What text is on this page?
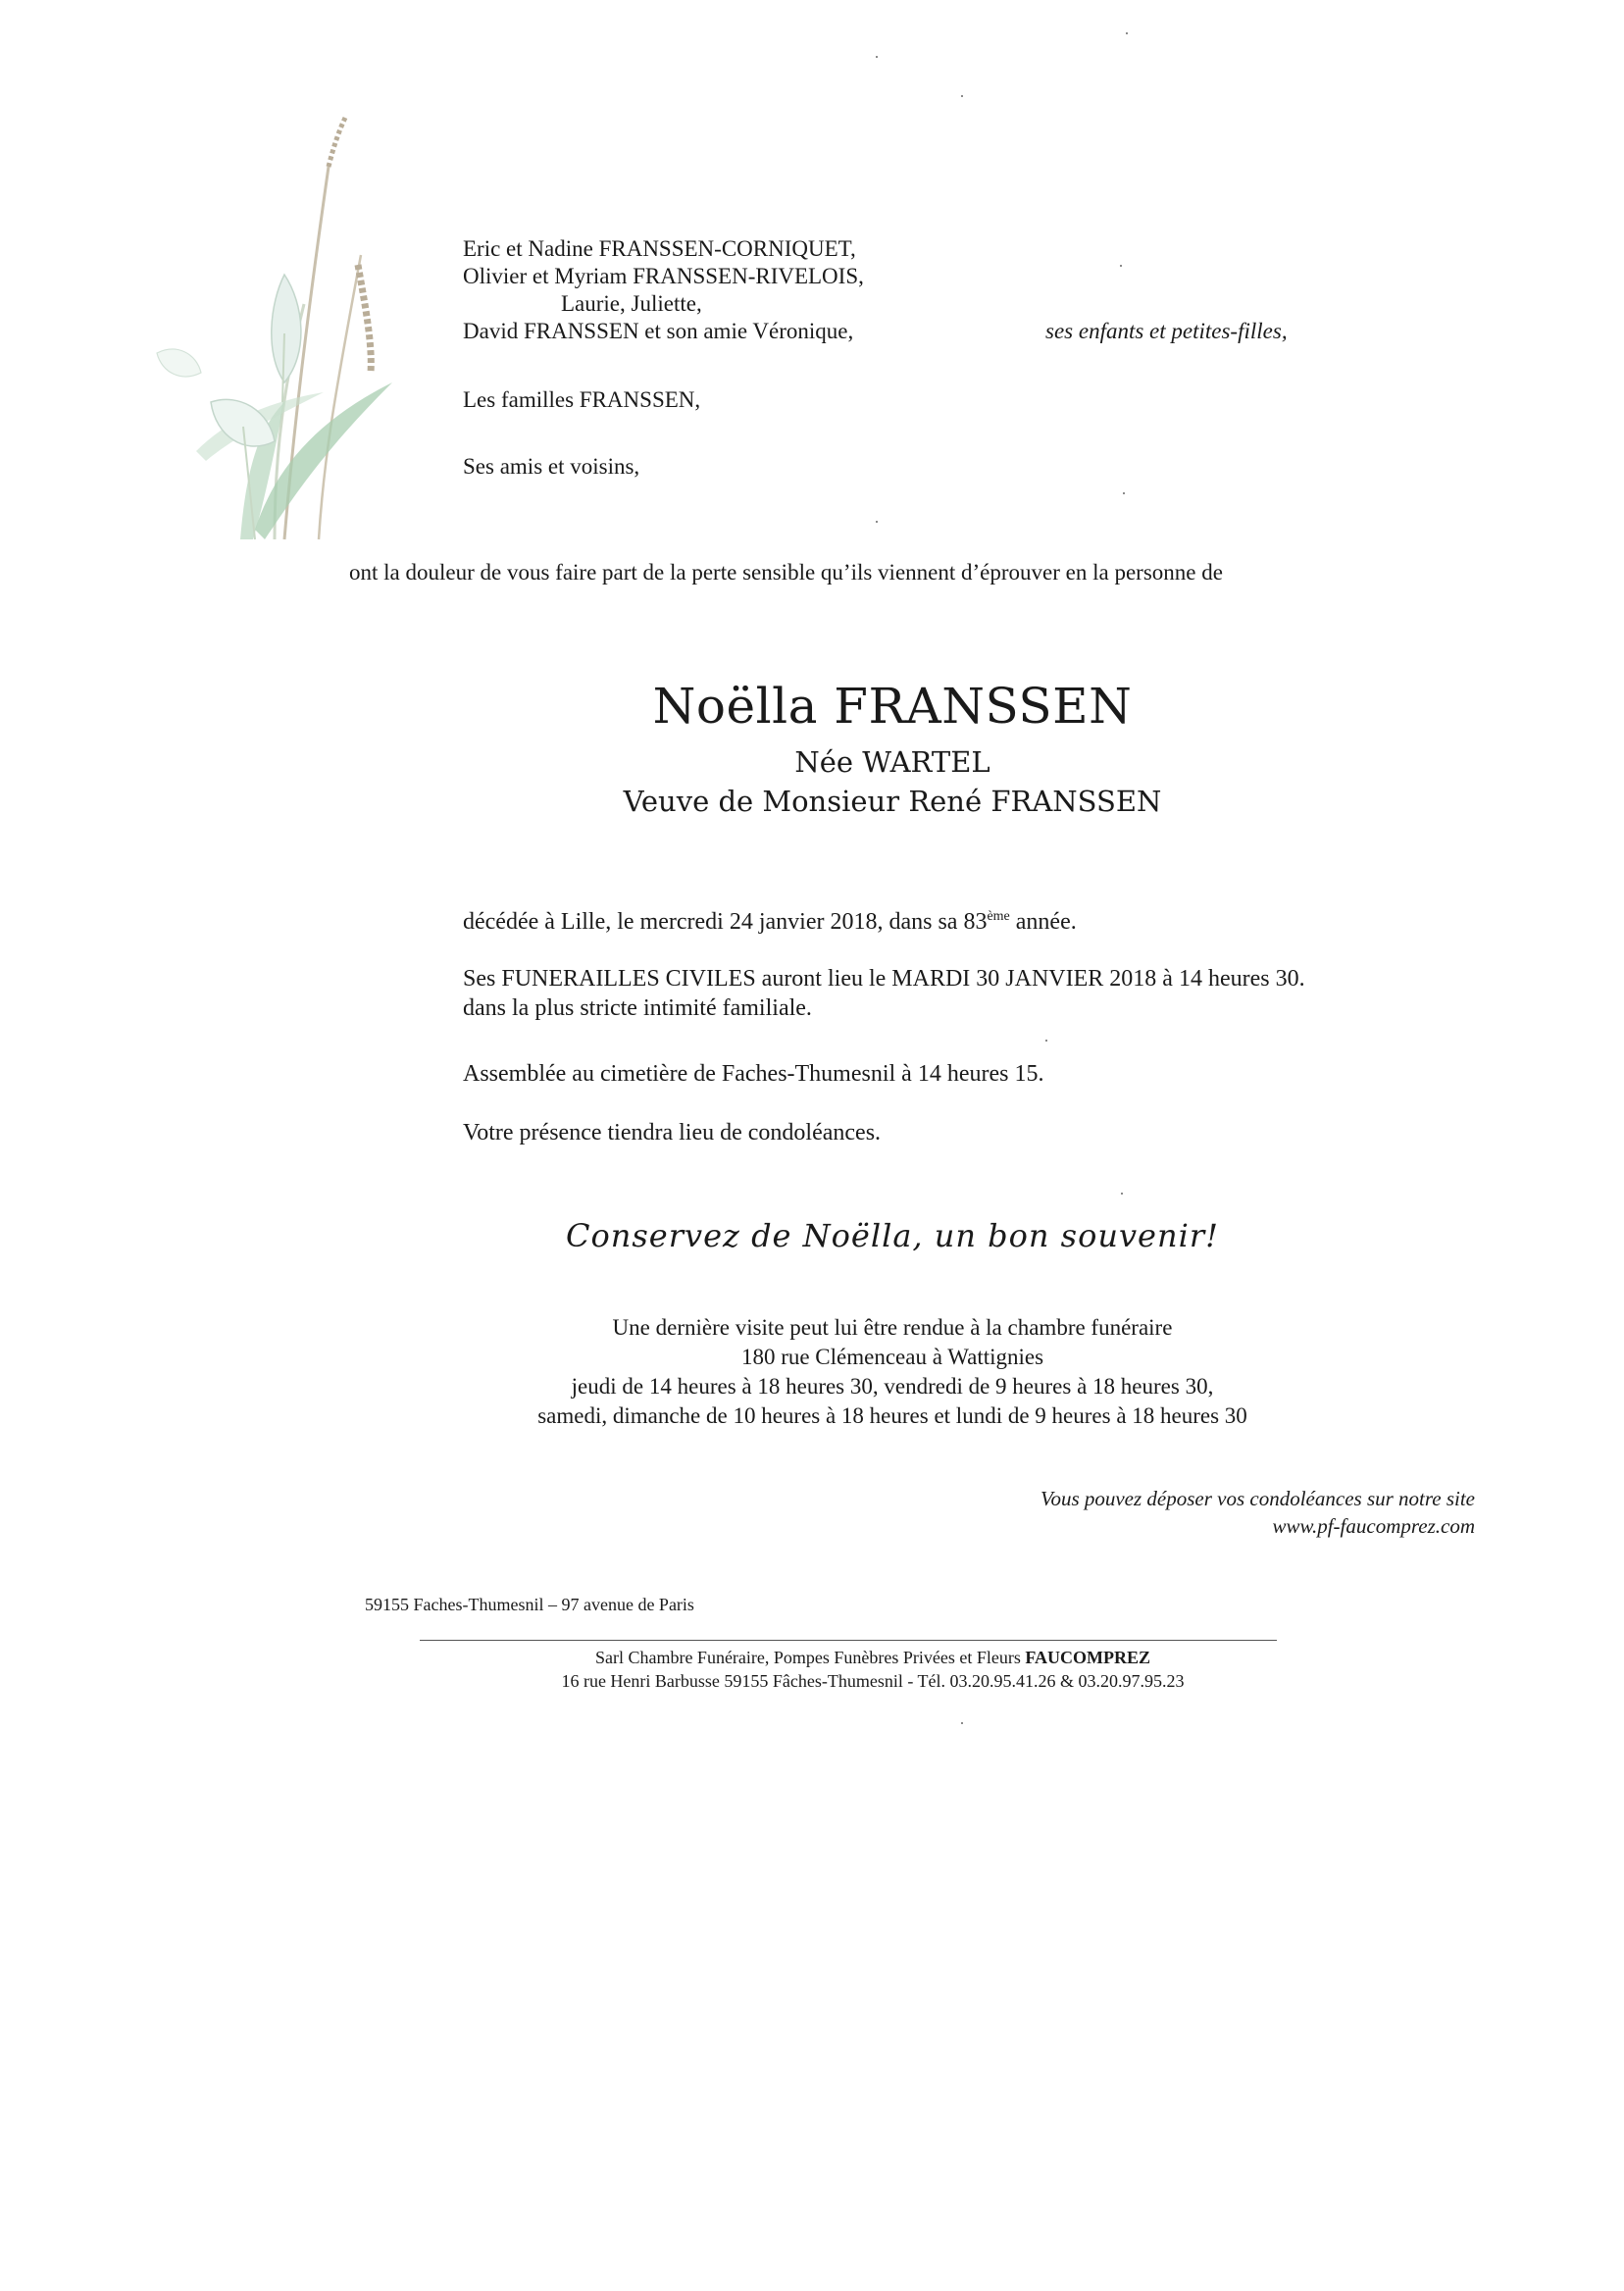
Eric et Nadine FRANSSEN-CORNIQUET,
Olivier et Myriam FRANSSEN-RIVELOIS,
Laurie, Juliette,
David FRANSSEN et son amie Véronique,	ses enfants et petites-filles,
Les familles FRANSSEN,
Ses amis et voisins,
ont la douleur de vous faire part de la perte sensible qu’ils viennent d’éprouver en la personne de
Noëlla FRANSSEN
Née WARTEL
Veuve de Monsieur René FRANSSEN
décédée à Lille, le mercredi 24 janvier 2018, dans sa 83ème année.
Ses FUNERAILLES CIVILES auront lieu le MARDI 30 JANVIER 2018 à 14 heures 30.
dans la plus stricte intimité familiale.
Assemblée au cimetière de Faches-Thumesnil à 14 heures 15.
Votre présence tiendra lieu de condoléances.
Conservez de Noëlla, un bon souvenir!
Une dernière visite peut lui être rendue à la chambre funéraire
180 rue Clémenceau à Wattignies
jeudi de 14 heures à 18 heures 30, vendredi de 9 heures à 18 heures 30,
samedi, dimanche de 10 heures à 18 heures et lundi de 9 heures à 18 heures 30
Vous pouvez déposer vos condoléances sur notre site
www.pf-faucomprez.com
59155 Faches-Thumesnil – 97 avenue de Paris
Sarl Chambre Funéraire, Pompes Funèbres Privées et Fleurs FAUCOMPREZ
16 rue Henri Barbusse 59155 Fâches-Thumesnil - Tél. 03.20.95.41.26 & 03.20.97.95.23
